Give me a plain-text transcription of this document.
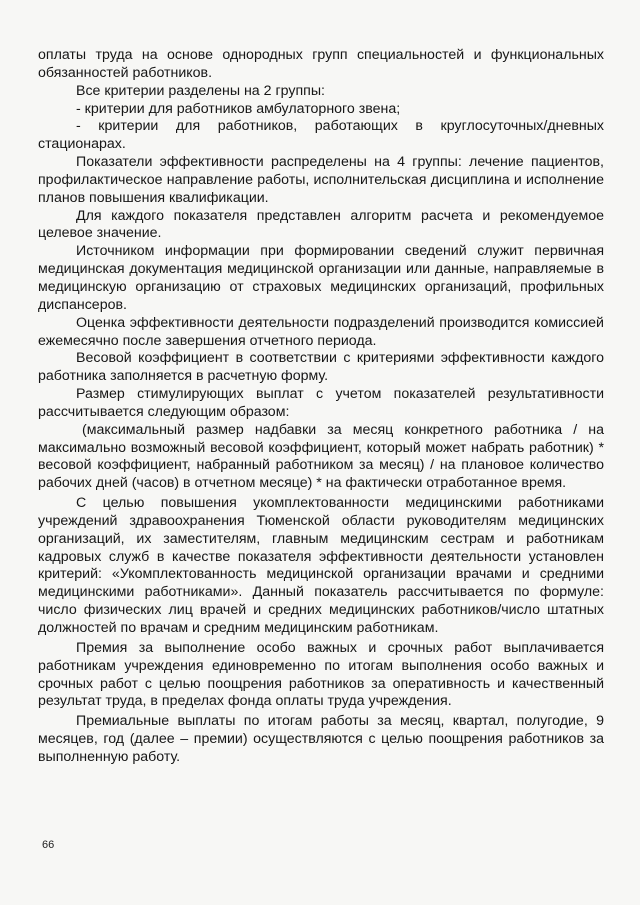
оплаты труда на основе однородных групп специальностей и функциональных обязанностей работников.

Все критерии разделены на 2 группы:

- критерии для работников амбулаторного звена;

- критерии для работников, работающих в круглосуточных/дневных стационарах.

Показатели эффективности распределены на 4 группы: лечение пациентов, профилактическое направление работы, исполнительская дисциплина и исполнение планов повышения квалификации.

Для каждого показателя представлен алгоритм расчета и рекомендуемое целевое значение.

Источником информации при формировании сведений служит первичная медицинская документация медицинской организации или данные, направляемые в медицинскую организацию от страховых медицинских организаций, профильных диспансеров.

Оценка эффективности деятельности подразделений производится комиссией ежемесячно после завершения отчетного периода.

Весовой коэффициент в соответствии с критериями эффективности каждого работника заполняется в расчетную форму.

Размер стимулирующих выплат с учетом показателей результативности рассчитывается следующим образом:

(максимальный размер надбавки за месяц конкретного работника / на максимально возможный весовой коэффициент, который может набрать работник) * весовой коэффициент, набранный работником за месяц) / на плановое количество рабочих дней (часов) в отчетном месяце) * на фактически отработанное время.

С целью повышения укомплектованности медицинскими работниками учреждений здравоохранения Тюменской области руководителям медицинских организаций, их заместителям, главным медицинским сестрам и работникам кадровых служб в качестве показателя эффективности деятельности установлен критерий: «Укомплектованность медицинской организации врачами и средними медицинскими работниками». Данный показатель рассчитывается по формуле: число физических лиц врачей и средних медицинских работников/число штатных должностей по врачам и средним медицинским работникам.

Премия за выполнение особо важных и срочных работ выплачивается работникам учреждения единовременно по итогам выполнения особо важных и срочных работ с целью поощрения работников за оперативность и качественный результат труда, в пределах фонда оплаты труда учреждения.

Премиальные выплаты по итогам работы за месяц, квартал, полугодие, 9 месяцев, год (далее – премии) осуществляются с целью поощрения работников за выполненную работу.

66
